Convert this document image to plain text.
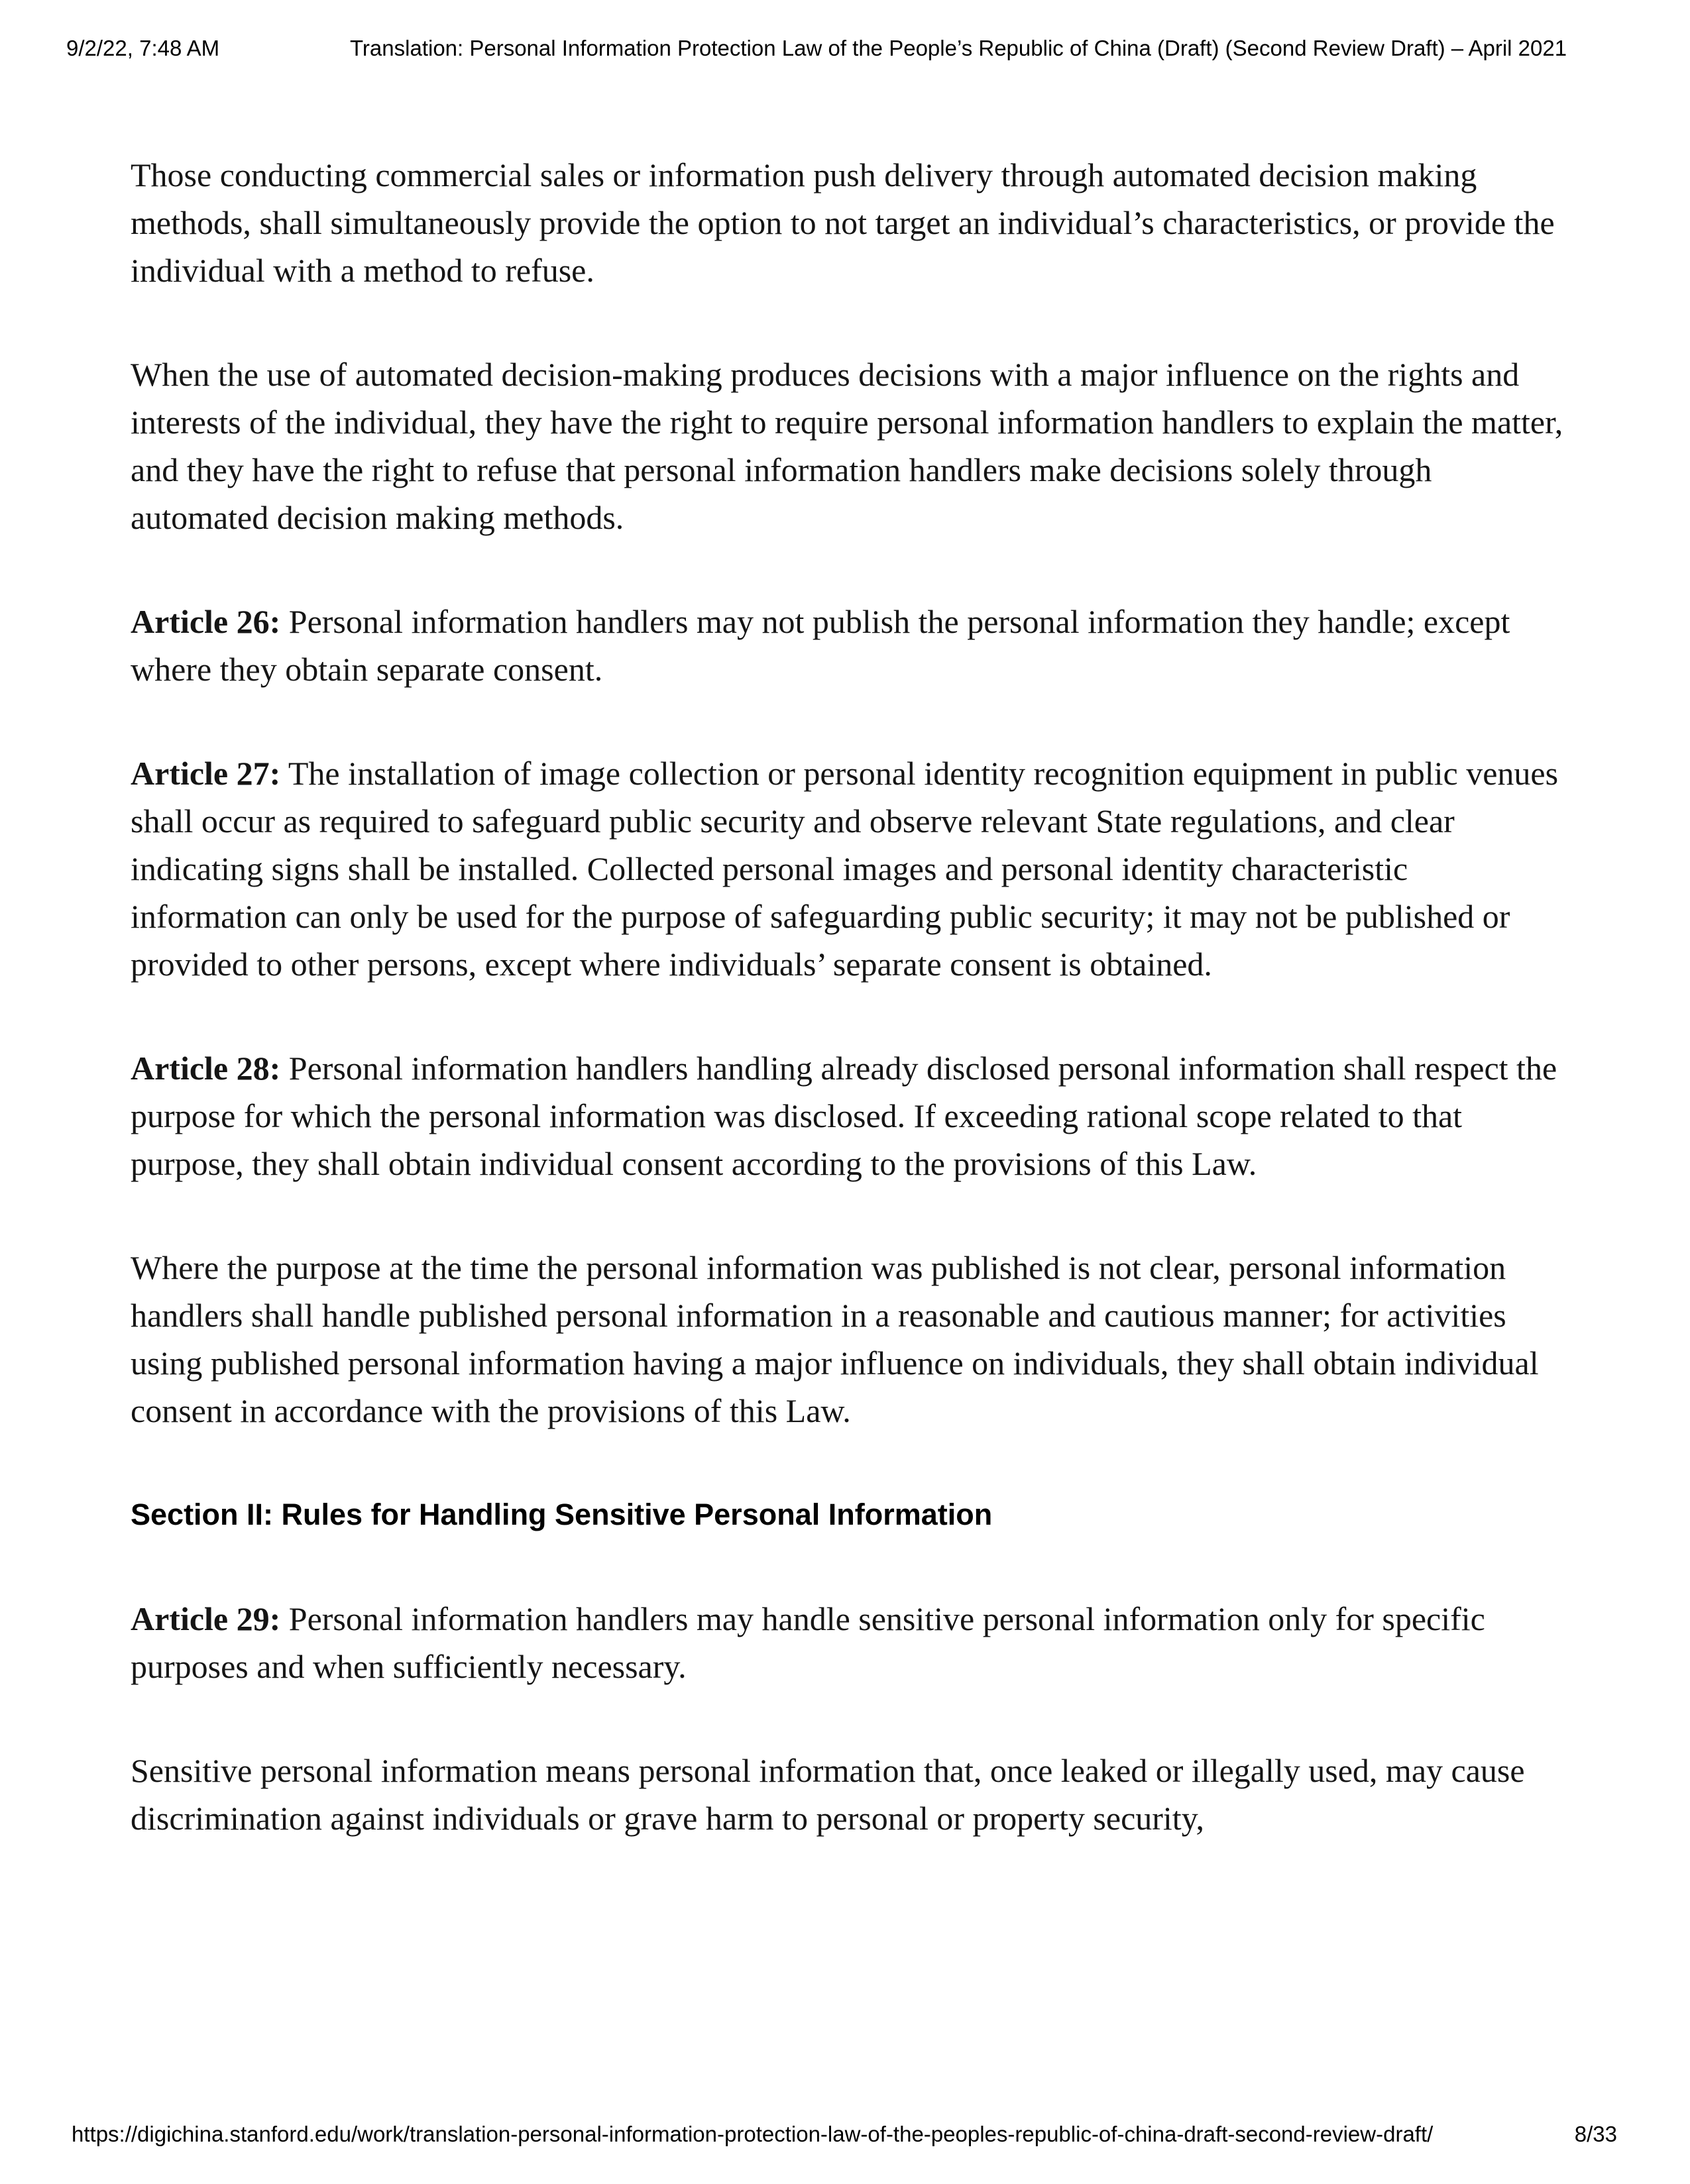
9/2/22, 7:48 AM	Translation: Personal Information Protection Law of the People’s Republic of China (Draft) (Second Review Draft) – April 2021

Those conducting commercial sales or information push delivery through automated decision making methods, shall simultaneously provide the option to not target an individual’s characteristics, or provide the individual with a method to refuse.

When the use of automated decision-making produces decisions with a major influence on the rights and interests of the individual, they have the right to require personal information handlers to explain the matter, and they have the right to refuse that personal information handlers make decisions solely through automated decision making methods.

Article 26: Personal information handlers may not publish the personal information they handle; except where they obtain separate consent.

Article 27: The installation of image collection or personal identity recognition equipment in public venues shall occur as required to safeguard public security and observe relevant State regulations, and clear indicating signs shall be installed. Collected personal images and personal identity characteristic information can only be used for the purpose of safeguarding public security; it may not be published or provided to other persons, except where individuals’ separate consent is obtained.

Article 28: Personal information handlers handling already disclosed personal information shall respect the purpose for which the personal information was disclosed. If exceeding rational scope related to that purpose, they shall obtain individual consent according to the provisions of this Law.

Where the purpose at the time the personal information was published is not clear, personal information handlers shall handle published personal information in a reasonable and cautious manner; for activities using published personal information having a major influence on individuals, they shall obtain individual consent in accordance with the provisions of this Law.

Section II: Rules for Handling Sensitive Personal Information

Article 29: Personal information handlers may handle sensitive personal information only for specific purposes and when sufficiently necessary.

Sensitive personal information means personal information that, once leaked or illegally used, may cause discrimination against individuals or grave harm to personal or property security,

https://digichina.stanford.edu/work/translation-personal-information-protection-law-of-the-peoples-republic-of-china-draft-second-review-draft/	8/33
